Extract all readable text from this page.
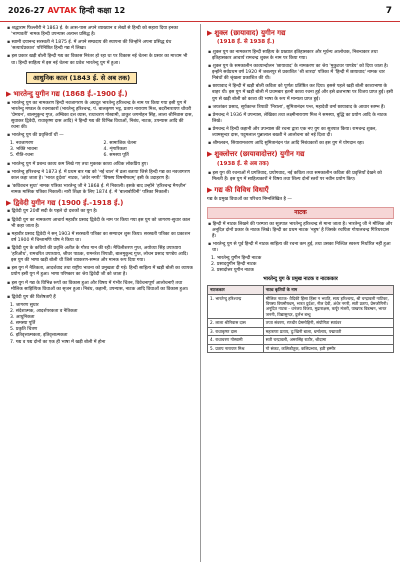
2026-27 AVTAK हिन्दी कक्षा 12	7

▪ श्रद्धाराम फिल्लौरी ने 1863 ई. के आस-पास अपने व्याख्यान व लेखों से हिन्दी को सहारा दिया इनका 'भाग्यवती' नामक हिन्दी उपन्यास अत्यन्त प्रसिद्ध है।

▪ स्वामी दयानन्द सरस्वती ने 1875 ई. में अपने सम्प्रदाय की स्थापना की जिन्होंने अपना प्रसिद्ध ग्रंथ 'सत्यार्थप्रकाश' परिनिष्ठित हिन्दी गद्य में लिखा।

▪ इस प्रकार खड़ी बोली हिन्दी गद्य का विकास निरंतर हो रहा था पर विकास नई चेतना के प्रसार का माध्यम भी था। हिन्दी साहित्य में इस नई चेतना का प्रवेश भारतेन्दु युग में हुआ।

आधुनिक काल (1843 ई. से अब तक)
▶ भारतेन्दु युगीन गद्य (1868 ई.-1900 ई.)

▪ भारतेन्दु युग का नामकरण हिन्दी नवजागरण के अग्रदूत भारतेन्दु हरिश्चन्द्र के नाम पर किया गया इसी युग में भारतेन्दु मण्डल के रचनाकारों (भारतेन्दु हरिश्चन्द्र, पं. बालकृष्ण भट्ट, प्रताप नारायण मिश्र, बदरीनारायण चौधरी 'प्रेमघन', बालमुकुन्द गुप्त, अम्बिका दत्त व्यास, राधाचरण गोस्वामी, ठाकुर जगमोहन सिंह, लाला श्रीनिवास दास, सुधाकर द्विवेदी, राधाकृष्ण दास आदि) ने हिन्दी गद्य की विभिन्न विधाओं, निबंध, नाटक, उपन्यास आदि की रचना की।

▪ भारतेन्दु युग की प्रवृत्तियाँ थीं —

1. नवजागरण	2. सामाजिक चेतना
3. भक्ति भावना	4. शृंगारिकता
5. गीति-रचना	6. समस्या पूर्ति

▪ भारतेन्दु युग में प्रबन्ध काव्य कम लिखे गए तथा मुक्तक काव्य अधिक लोकप्रिय हुए।

▪ भारतेन्दु हरिश्चन्द्र ने 1873 ई. में प्रथम बार गद्य को 'नई चाल' में ढला बताया जिसे हिन्दी गद्य का नवजागरण काल कहा जाता है। 'भारत दुर्दशा' नाटक, 'अंधेर नगरी' 'विषस्य विषमौषधम्' इसी के उदाहरण हैं।

▪ 'कविवचन सुधा' नामक पत्रिका भारतेन्दु जी ने 1868 ई. में निकाली। इसके बाद उन्होंने 'हरिश्चन्द्र मैगज़ीन' नामक मासिक पत्रिका निकाली। नारी शिक्षा के लिए 1874 ई. में 'बालाबोधिनी' पत्रिका निकाली।

▶ द्विवेदी युगीन गद्य (1900 ई.-1918 ई.)

▪ द्विवेदी युग 20वीं सदी के पहले दो दशकों का युग है।

▪ द्विवेदी युग का नामकरण आचार्य महावीर प्रसाद द्विवेदी के नाम पर किया गया इस युग को जागरण-सुधार काल भी कहा जाता है।

▪ महावीर प्रसाद द्विवेदी ने सन् 1903 में सरस्वती पत्रिका का सम्पादन शुरू किया। सरस्वती पत्रिका का प्रकाशन वर्ष 1900 में चिन्तामणि घोष ने किया था।

▪ द्विवेदी युग के कवियों की प्रवृत्ति अतीत के गौरव गान की रही। मैथिलीशरण गुप्त, अयोध्या सिंह उपाध्याय 'हरिऔध', रामचरित उपाध्याय, श्रीधर पाठक, रामनरेश त्रिपाठी, बालमुकुन्द गुप्त, लोचन प्रसाद पाण्डेय आदि। इस युग की भाषा खड़ी बोली थी जिसे व्याकरण-सम्मत और मानक रूप दिया गया।

▪ इस युग में नैतिकता, आदर्शवाद तथा राष्ट्रीय भावना को प्रमुखता दी गई। हिन्दी साहित्य में खड़ी बोली का व्यापक प्रयोग इसी युग में हुआ। भाषा परिष्कार का श्रेय द्विवेदी जी को जाता है।

▪ इस युग में गद्य के विभिन्न रूपों का विकास हुआ और विषय में गंभीर चिंतन, विवेचनापूर्ण आलोचनाएँ तथा मौलिक साहित्यिक विधाओं का सृजन हुआ। निबंध, कहानी, उपन्यास, नाटक आदि विधाओं का विकास हुआ।

▪ द्विवेदी युग की विशेषताएँ हैं

1. जागरण सुधार
2. संदेशात्मक, आदर्शपरकता व नैतिकता
3. आधुनिकता
4. समस्या पूर्ति
5. प्रकृति चित्रण
6. इतिवृत्तात्मकता, इतिवृत्तात्मकता
7. गद्य व पद्य दोनों का एक ही भाषा में खड़ी बोली में होना
▶ शुक्ल (छायावाद) युगीन गद्य
(1918 ई. से 1938 ई.)

▪ शुक्ल युग का नामकरण हिन्दी साहित्य के प्रख्यात इतिहासकार और मूर्धन्य आलोचक, निबन्धकार तथा इतिहासकार आचार्य रामचन्द्र शुक्ल के नाम पर किया गया।

▪ शुक्ल युग के समकालीन काव्यान्दोलन 'छायावाद' के नामकरण का श्रेय 'मुकुटधर पाण्डेय' को दिया जाता है। इन्होंने सर्वप्रथम वर्ष 1920 में जबलपुर से प्रकाशित 'श्री शारदा' पत्रिका में 'हिन्दी में छायावाद' नामक चार निबंधों की श्रृंखला प्रकाशित की थी।

▪ छायावाद ने हिन्दी में खड़ी बोली कविता को पूर्णतः प्रतिष्ठित कर दिया। इससे पहले खड़ी बोली काव्यभाषा के बाहर थी। इस युग में खड़ी बोली में प्रथमबार इतनी काव्य रचना हुई और इसे ब्रजभाषा पर विजय प्राप्त हुई। इसी युग से खड़ी बोली को काव्य की भाषा के रूप में मान्यता प्राप्त हुई।

▪ जयशंकर प्रसाद, सूर्यकान्त त्रिपाठी 'निराला', सुमित्रानंदन पन्त, महादेवी वर्मा छायावाद के आधार स्तम्भ हैं।

▪ प्रेमचन्द्र ने 1936 में उपन्यास, लेखिका तथा लक्ष्मीनारायण मिश्र ने समस्या, बुद्धि का प्रयोग आदि के नाटक लिखे।

▪ प्रेमचन्द्र ने हिन्दी कहानी और उपन्यास की रचना द्वारा एक नए युग का सूत्रपात किया। रामचन्द्र शुक्ल, श्यामसुन्दर दास, पदुमलाल पुन्नालाल बख्शी ने आलोचना को नई दिशा दी।

▪ श्रीमलवन, सियारामशरण आदि सुमित्रानंदन पंत आदि निबंधकारों का इस युग में योगदान रहा।

▶ शुक्लोत्तर (छायावादोत्तर) युगीन गद्य
(1938 ई. से अब तक)

▪ इस युग की रचनाओं में प्रगतिवाद, प्रयोगवाद, नई कविता तथा समकालीन कविता की प्रवृत्तियाँ देखने को मिलती हैं। इस युग में साहित्यकारों ने विषय तथा शिल्प दोनों स्तरों पर नवीन प्रयोग किए।

▶ गद्य की विविध विधाएँ

गद्य के प्रमुख विधाओं का परिचय निम्नलिखित है —

नाटक

▪ हिन्दी में नाटक लिखने की परम्परा का सूत्रपात भारतेन्दु हरिश्चन्द्र से माना जाता है। भारतेन्दु जी ने मौलिक और अनूदित दोनों प्रकार के नाटक लिखे। हिन्दी का प्रथम नाटक 'नहुष' है जिसके रचयिता गोपालचन्द्र गिरिधरदास हैं।

▪ भारतेन्दु युग से पूर्व हिन्दी में नाटक साहित्य की रचना कम हुई, तथा उसका निश्चित स्वरूप निर्धारित नहीं हुआ था।

1. भारतेन्दु युगीन हिन्दी नाटक
2. प्रसादयुगीन हिन्दी नाटक
3. प्रसादोत्तर युगीन नाटक
भारतेन्दु युग के प्रमुख नाटक व नाटककार
नाटककार	नाट्य कृतियों के नाम
1. भारतेन्दु हरिश्चन्द्र	मौलिक नाटक- वैदिकी हिंसा हिंसा न भवति, सत्य हरिश्चन्द्र, श्री चन्द्रावली नाटिका, विषस्य विषमौषधम्, भारत दुर्दशा, नील देवी, अंधेर नगरी, सती प्रताप, प्रेमजोगिनी। अनूदित नाटक - धनंजय विजय, मुद्राराक्षस, कर्पूर मंजरी, पाखण्ड विडम्बन, भारत जननी, विद्यासुन्दर, दुर्लभ बन्धु
2. लाला श्रीनिवास दास	तप्ता संवरण, रणधीर प्रेममोहिनी, संयोगिता स्वयंवर
3. राधाकृष्ण दास	महाराणा प्रताप, दु:खिनी बाला, धर्मालाप, पद्मावती
4. राधाचरण गोस्वामी	सती चन्द्रावली, अमरसिंह राठौर, श्रीदामा
5. प्रताप नारायण मिश्र	गो संकट, कलिकौतुक, कलिप्रभाव, हठी हम्मीर
